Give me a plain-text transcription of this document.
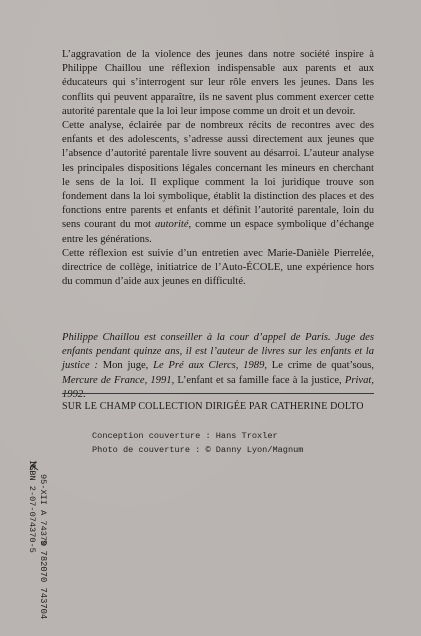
L’aggravation de la violence des jeunes dans notre société inspire à Philippe Chaillou une réflexion indispensable aux parents et aux éducateurs qui s’interrogent sur leur rôle envers les jeunes. Dans les conflits qui peuvent apparaître, ils ne savent plus comment exercer cette autorité parentale que la loi leur impose comme un droit et un devoir.

Cette analyse, éclairée par de nombreux récits de recontres avec des enfants et des adolescents, s’adresse aussi directement aux jeunes que l’absence d’autorité parentale livre souvent au désarroi. L’auteur analyse les principales dispositions légales concernant les mineurs en cherchant le sens de la loi. Il explique comment la loi juridique trouve son fondement dans la loi symbolique, établit la distinction des places et des fonctions entre parents et enfants et définit l’autorité parentale, loin du sens courant du mot autorité, comme un espace symbolique d’échange entre les générations.

Cette réflexion est suivie d’un entretien avec Marie-Danièle Pierrelée, directrice de collège, initiatrice de l’Auto-ÉCOLE, une expérience hors du commun d’aide aux jeunes en difficulté.

Philippe Chaillou est conseiller à la cour d’appel de Paris. Juge des enfants pendant quinze ans, il est l’auteur de livres sur les enfants et la justice : Mon juge, Le Pré aux Clercs, 1989, Le crime de quat’sous, Mercure de France, 1991, L’enfant et sa famille face à la justice, Privat, 1992.
SUR LE CHAMP COLLECTION DIRIGÉE PAR CATHERINE DOLTO
Conception couverture : Hans Troxler
Photo de couverture : © Danny Lyon/Magnum
95-XII A 74370
ISBN 2-07-074370-5
9 782070 743704
